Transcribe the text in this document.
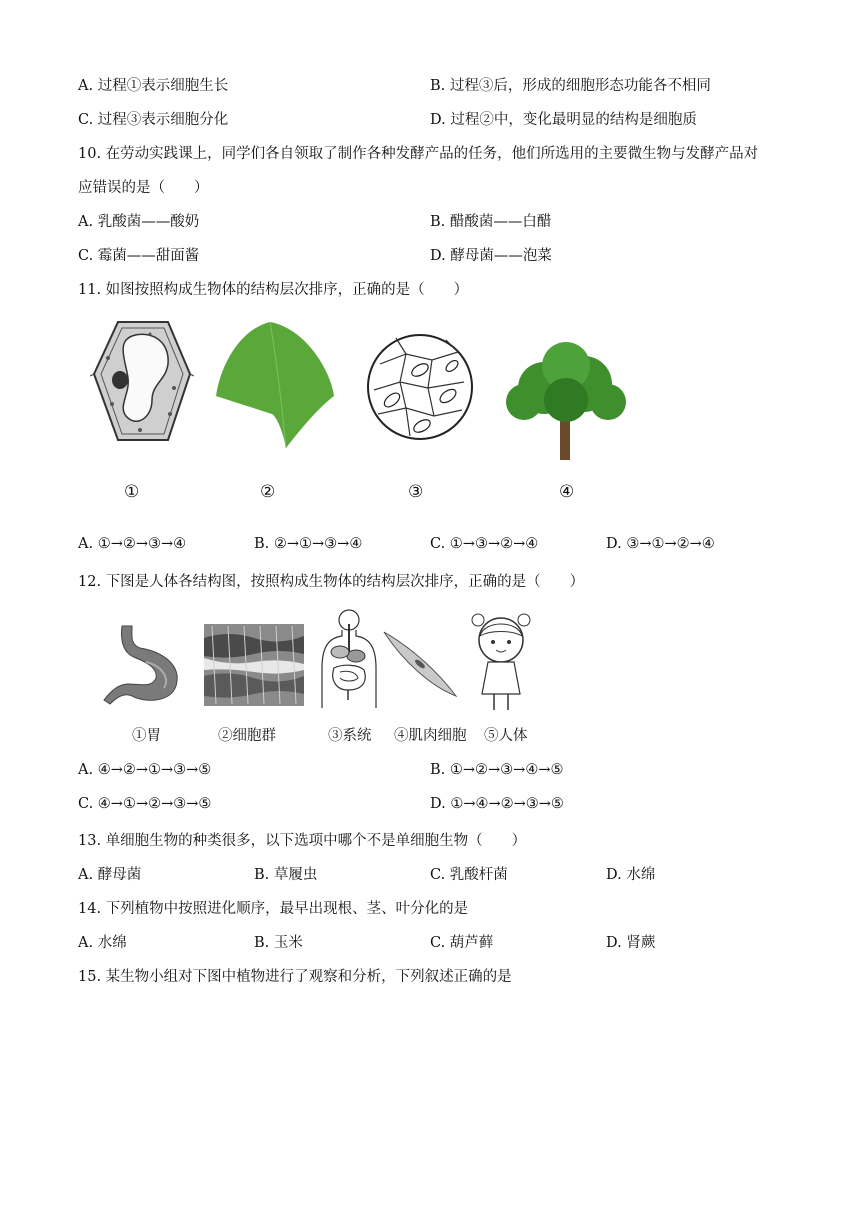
A. 过程①表示细胞生长	B. 过程③后，形成的细胞形态功能各不相同
C. 过程③表示细胞分化	D. 过程②中，变化最明显的结构是细胞质
10. 在劳动实践课上，同学们各自领取了制作各种发酵产品的任务，他们所选用的主要微生物与发酵产品对
应错误的是（　　）
A. 乳酸菌——酸奶	B. 醋酸菌——白醋
C. 霉菌——甜面酱	D. 酵母菌——泡菜
11. 如图按照构成生物体的结构层次排序，正确的是（　　）
①	②	③	④
A. ①→②→③→④	B. ②→①→③→④	C. ①→③→②→④	D. ③→①→②→④
12. 下图是人体各结构图，按照构成生物体的结构层次排序，正确的是（　　）
①胃	②细胞群	③系统 ④肌肉细胞 ⑤人体
A. ④→②→①→③→⑤	B. ①→②→③→④→⑤
C. ④→①→②→③→⑤	D. ①→④→②→③→⑤
13. 单细胞生物的种类很多，以下选项中哪个不是单细胞生物（　　）
A. 酵母菌	B. 草履虫	C. 乳酸杆菌	D. 水绵
14. 下列植物中按照进化顺序，最早出现根、茎、叶分化的是
A. 水绵	B. 玉米	C. 葫芦藓	D. 肾蕨
15. 某生物小组对下图中植物进行了观察和分析，下列叙述正确的是
